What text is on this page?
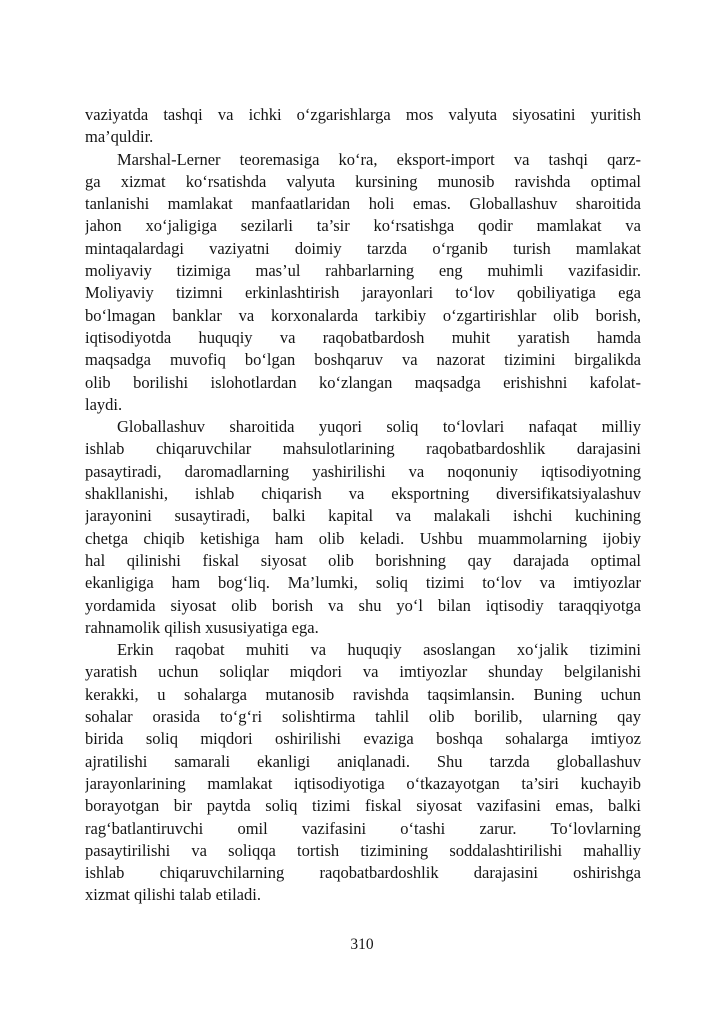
vaziyatda tashqi va ichki o‘zgarishlarga mos valyuta siyosatini yuritish
ma’quldir.
Marshal-Lerner teoremasiga ko‘ra, eksport-import va tashqi qarz-
ga xizmat ko‘rsatishda valyuta kursining munosib ravishda optimal
tanlanishi mamlakat manfaatlaridan holi emas. Globallashuv sharoitida
jahon xo‘jaligiga sezilarli ta’sir ko‘rsatishga qodir mamlakat va
mintaqalardagi vaziyatni doimiy tarzda o‘rganib turish mamlakat
moliyaviy tizimiga mas’ul rahbarlarning eng muhimli vazifasidir.
Moliyaviy tizimni erkinlashtirish jarayonlari to‘lov qobiliyatiga ega
bo‘lmagan banklar va korxonalarda tarkibiy o‘zgartirishlar olib borish,
iqtisodiyotda huquqiy va raqobatbardosh muhit yaratish hamda
maqsadga muvofiq bo‘lgan boshqaruv va nazorat tizimini birgalikda
olib borilishi islohotlardan ko‘zlangan maqsadga erishishni kafolat-
laydi.
Globallashuv sharoitida yuqori soliq to‘lovlari nafaqat milliy
ishlab chiqaruvchilar mahsulotlarining raqobatbardoshlik darajasini
pasaytiradi, daromadlarning yashirilishi va noqonuniy iqtisodiyotning
shakllanishi, ishlab chiqarish va eksportning diversifikatsiyalashuv
jarayonini susaytiradi, balki kapital va malakali ishchi kuchining
chetga chiqib ketishiga ham olib keladi. Ushbu muammolarning ijobiy
hal qilinishi fiskal siyosat olib borishning qay darajada optimal
ekanligiga ham bog‘liq. Ma’lumki, soliq tizimi to‘lov va imtiyozlar
yordamida siyosat olib borish va shu yo‘l bilan iqtisodiy taraqqiyotga
rahnamolik qilish xususiyatiga ega.
Erkin raqobat muhiti va huquqiy asoslangan xo‘jalik tizimini
yaratish uchun soliqlar miqdori va imtiyozlar shunday belgilanishi
kerakki, u sohalarga mutanosib ravishda taqsimlansin. Buning uchun
sohalar orasida to‘g‘ri solishtirma tahlil olib borilib, ularning qay
birida soliq miqdori oshirilishi evaziga boshqa sohalarga imtiyoz
ajratilishi samarali ekanligi aniqlanadi. Shu tarzda globallashuv
jarayonlarining mamlakat iqtisodiyotiga o‘tkazayotgan ta’siri kuchayib
borayotgan bir paytda soliq tizimi fiskal siyosat vazifasini emas, balki
rag‘batlantiruvchi omil vazifasini o‘tashi zarur. To‘lovlarning
pasaytirilishi va soliqqa tortish tizimining soddalashtirilishi mahalliy
ishlab chiqaruvchilarning raqobatbardoshlik darajasini oshirishga
xizmat qilishi talab etiladi.
310
